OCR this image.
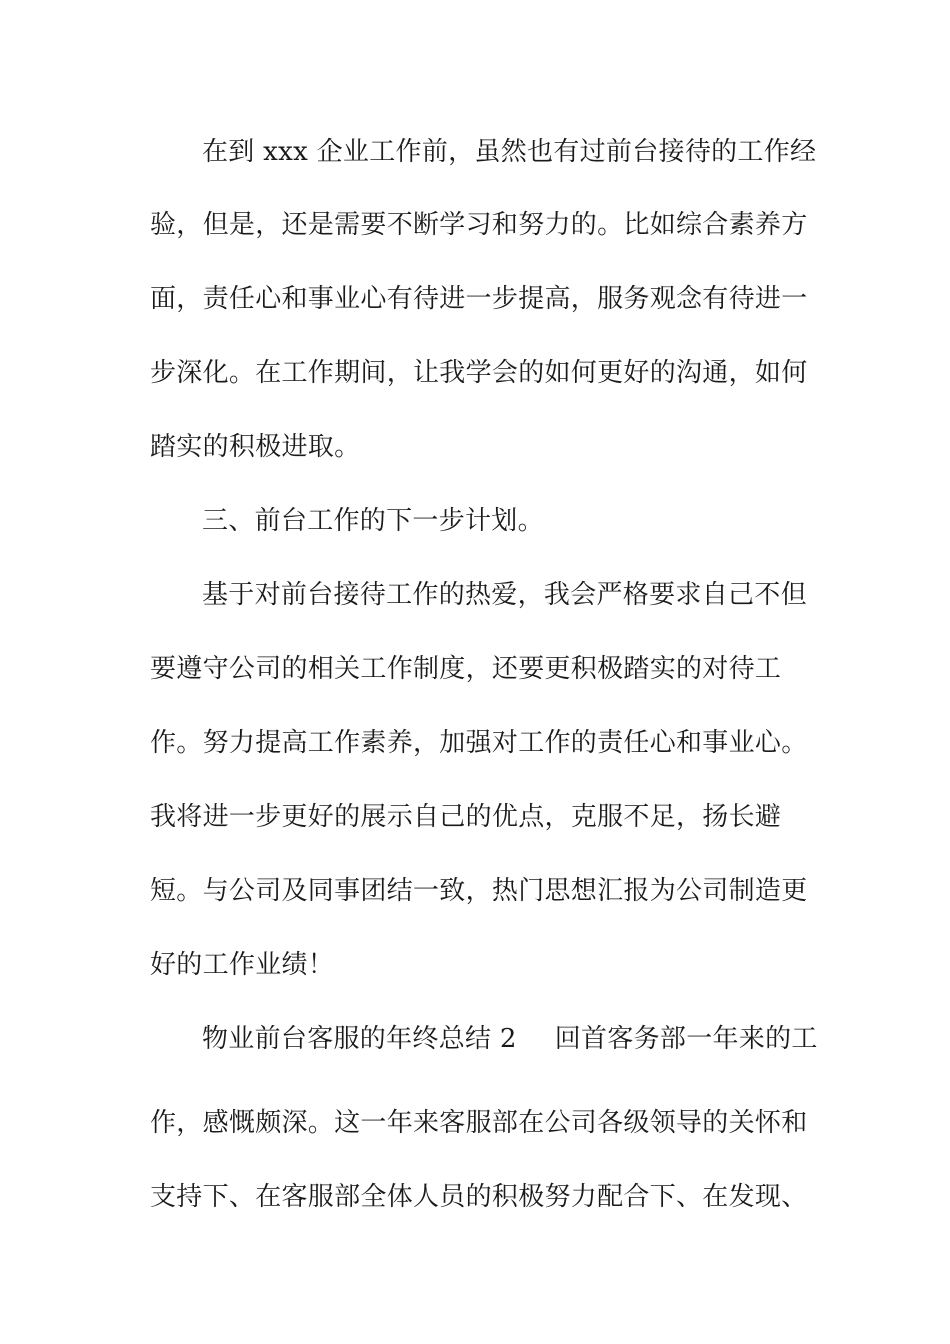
在到 xxx 企业工作前，虽然也有过前台接待的工作经
验，但是，还是需要不断学习和努力的。比如综合素养方
面，责任心和事业心有待进一步提高，服务观念有待进一
步深化。在工作期间，让我学会的如何更好的沟通，如何
踏实的积极进取。
三、前台工作的下一步计划。
基于对前台接待工作的热爱，我会严格要求自己不但
要遵守公司的相关工作制度，还要更积极踏实的对待工
作。努力提高工作素养，加强对工作的责任心和事业心。
我将进一步更好的展示自己的优点，克服不足，扬长避
短。与公司及同事团结一致，热门思想汇报为公司制造更
好的工作业绩！
物业前台客服的年终总结 2 回首客务部一年来的工
作，感慨颇深。这一年来客服部在公司各级领导的关怀和
支持下、在客服部全体人员的积极努力配合下、在发现、
